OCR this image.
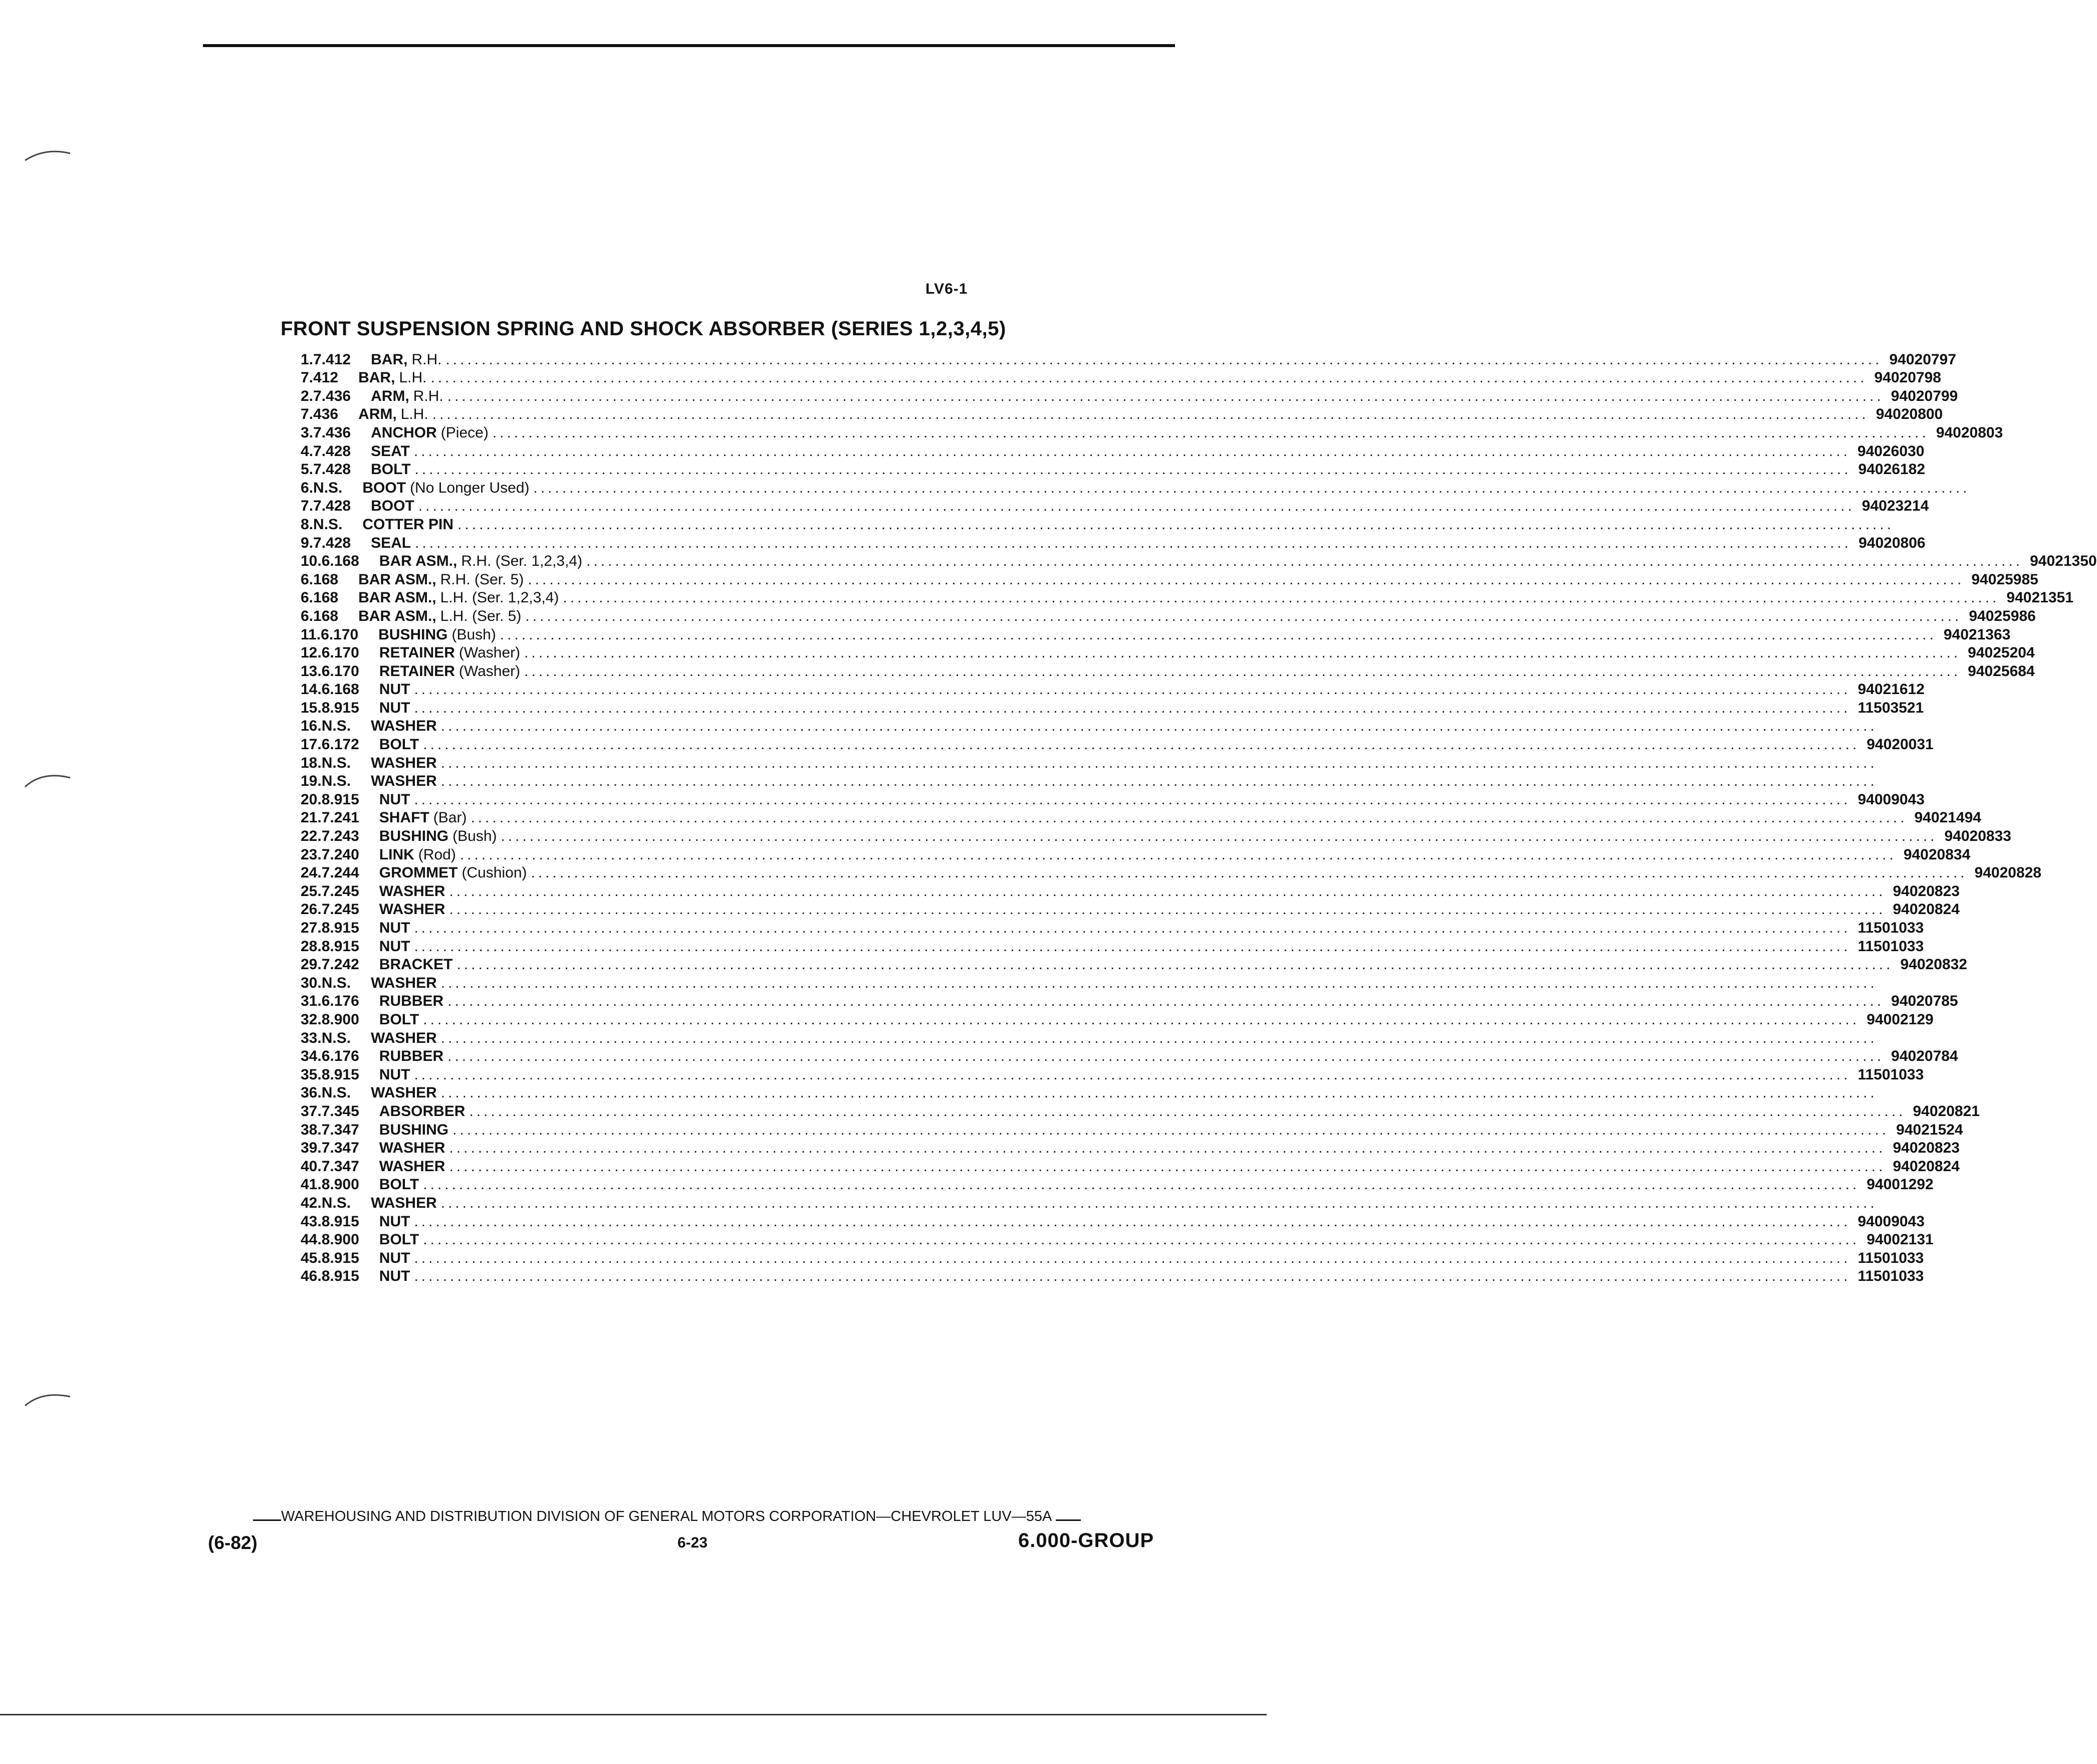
LV6-1
FRONT SUSPENSION SPRING AND SHOCK ABSORBER (SERIES 1,2,3,4,5)
1. 7.412	BAR, R.H. ........................................................................................................................................................................................................ 94020797
7.412	BAR, L.H. ........................................................................................................................................................................................................ 94020798
2. 7.436	ARM, R.H. ........................................................................................................................................................................................................ 94020799
7.436	ARM, L.H. ........................................................................................................................................................................................................ 94020800
3. 7.436	ANCHOR (Piece) ........................................................................................................................................................................................................ 94020803
4. 7.428	SEAT ........................................................................................................................................................................................................ 94026030
5. 7.428	BOLT ........................................................................................................................................................................................................ 94026182
6. N.S.	BOOT (No Longer Used) ........................................................................................................................................................................................................
7. 7.428	BOOT ........................................................................................................................................................................................................ 94023214
8. N.S.	COTTER PIN ........................................................................................................................................................................................................
9. 7.428	SEAL ........................................................................................................................................................................................................ 94020806
10. 6.168	BAR ASM., R.H. (Ser. 1,2,3,4) ........................................................................................................................................................................................................ 94021350
6.168	BAR ASM., R.H. (Ser. 5) ........................................................................................................................................................................................................ 94025985
6.168	BAR ASM., L.H. (Ser. 1,2,3,4) ........................................................................................................................................................................................................ 94021351
6.168	BAR ASM., L.H. (Ser. 5) ........................................................................................................................................................................................................ 94025986
11. 6.170	BUSHING (Bush) ........................................................................................................................................................................................................ 94021363
12. 6.170	RETAINER (Washer) ........................................................................................................................................................................................................ 94025204
13. 6.170	RETAINER (Washer) ........................................................................................................................................................................................................ 94025684
14. 6.168	NUT ........................................................................................................................................................................................................ 94021612
15. 8.915	NUT ........................................................................................................................................................................................................ 11503521
16. N.S.	WASHER ........................................................................................................................................................................................................
17. 6.172	BOLT ........................................................................................................................................................................................................ 94020031
18. N.S.	WASHER ........................................................................................................................................................................................................
19. N.S.	WASHER ........................................................................................................................................................................................................
20. 8.915	NUT ........................................................................................................................................................................................................ 94009043
21. 7.241	SHAFT (Bar) ........................................................................................................................................................................................................ 94021494
22. 7.243	BUSHING (Bush) ........................................................................................................................................................................................................ 94020833
23. 7.240	LINK (Rod) ........................................................................................................................................................................................................ 94020834
24. 7.244	GROMMET (Cushion) ........................................................................................................................................................................................................ 94020828
25. 7.245	WASHER ........................................................................................................................................................................................................ 94020823
26. 7.245	WASHER ........................................................................................................................................................................................................ 94020824
27. 8.915	NUT ........................................................................................................................................................................................................ 11501033
28. 8.915	NUT ........................................................................................................................................................................................................ 11501033
29. 7.242	BRACKET ........................................................................................................................................................................................................ 94020832
30. N.S.	WASHER ........................................................................................................................................................................................................
31. 6.176	RUBBER ........................................................................................................................................................................................................ 94020785
32. 8.900	BOLT ........................................................................................................................................................................................................ 94002129
33. N.S.	WASHER ........................................................................................................................................................................................................
34. 6.176	RUBBER ........................................................................................................................................................................................................ 94020784
35. 8.915	NUT ........................................................................................................................................................................................................ 11501033
36. N.S.	WASHER ........................................................................................................................................................................................................
37. 7.345	ABSORBER ........................................................................................................................................................................................................ 94020821
38. 7.347	BUSHING ........................................................................................................................................................................................................ 94021524
39. 7.347	WASHER ........................................................................................................................................................................................................ 94020823
40. 7.347	WASHER ........................................................................................................................................................................................................ 94020824
41. 8.900	BOLT ........................................................................................................................................................................................................ 94001292
42. N.S.	WASHER ........................................................................................................................................................................................................
43. 8.915	NUT ........................................................................................................................................................................................................ 94009043
44. 8.900	BOLT ........................................................................................................................................................................................................ 94002131
45. 8.915	NUT ........................................................................................................................................................................................................ 11501033
46. 8.915	NUT ........................................................................................................................................................................................................ 11501033
WAREHOUSING AND DISTRIBUTION DIVISION OF GENERAL MOTORS CORPORATION—CHEVROLET LUV—55A
(6-82)	6-23	6.000-GROUP
